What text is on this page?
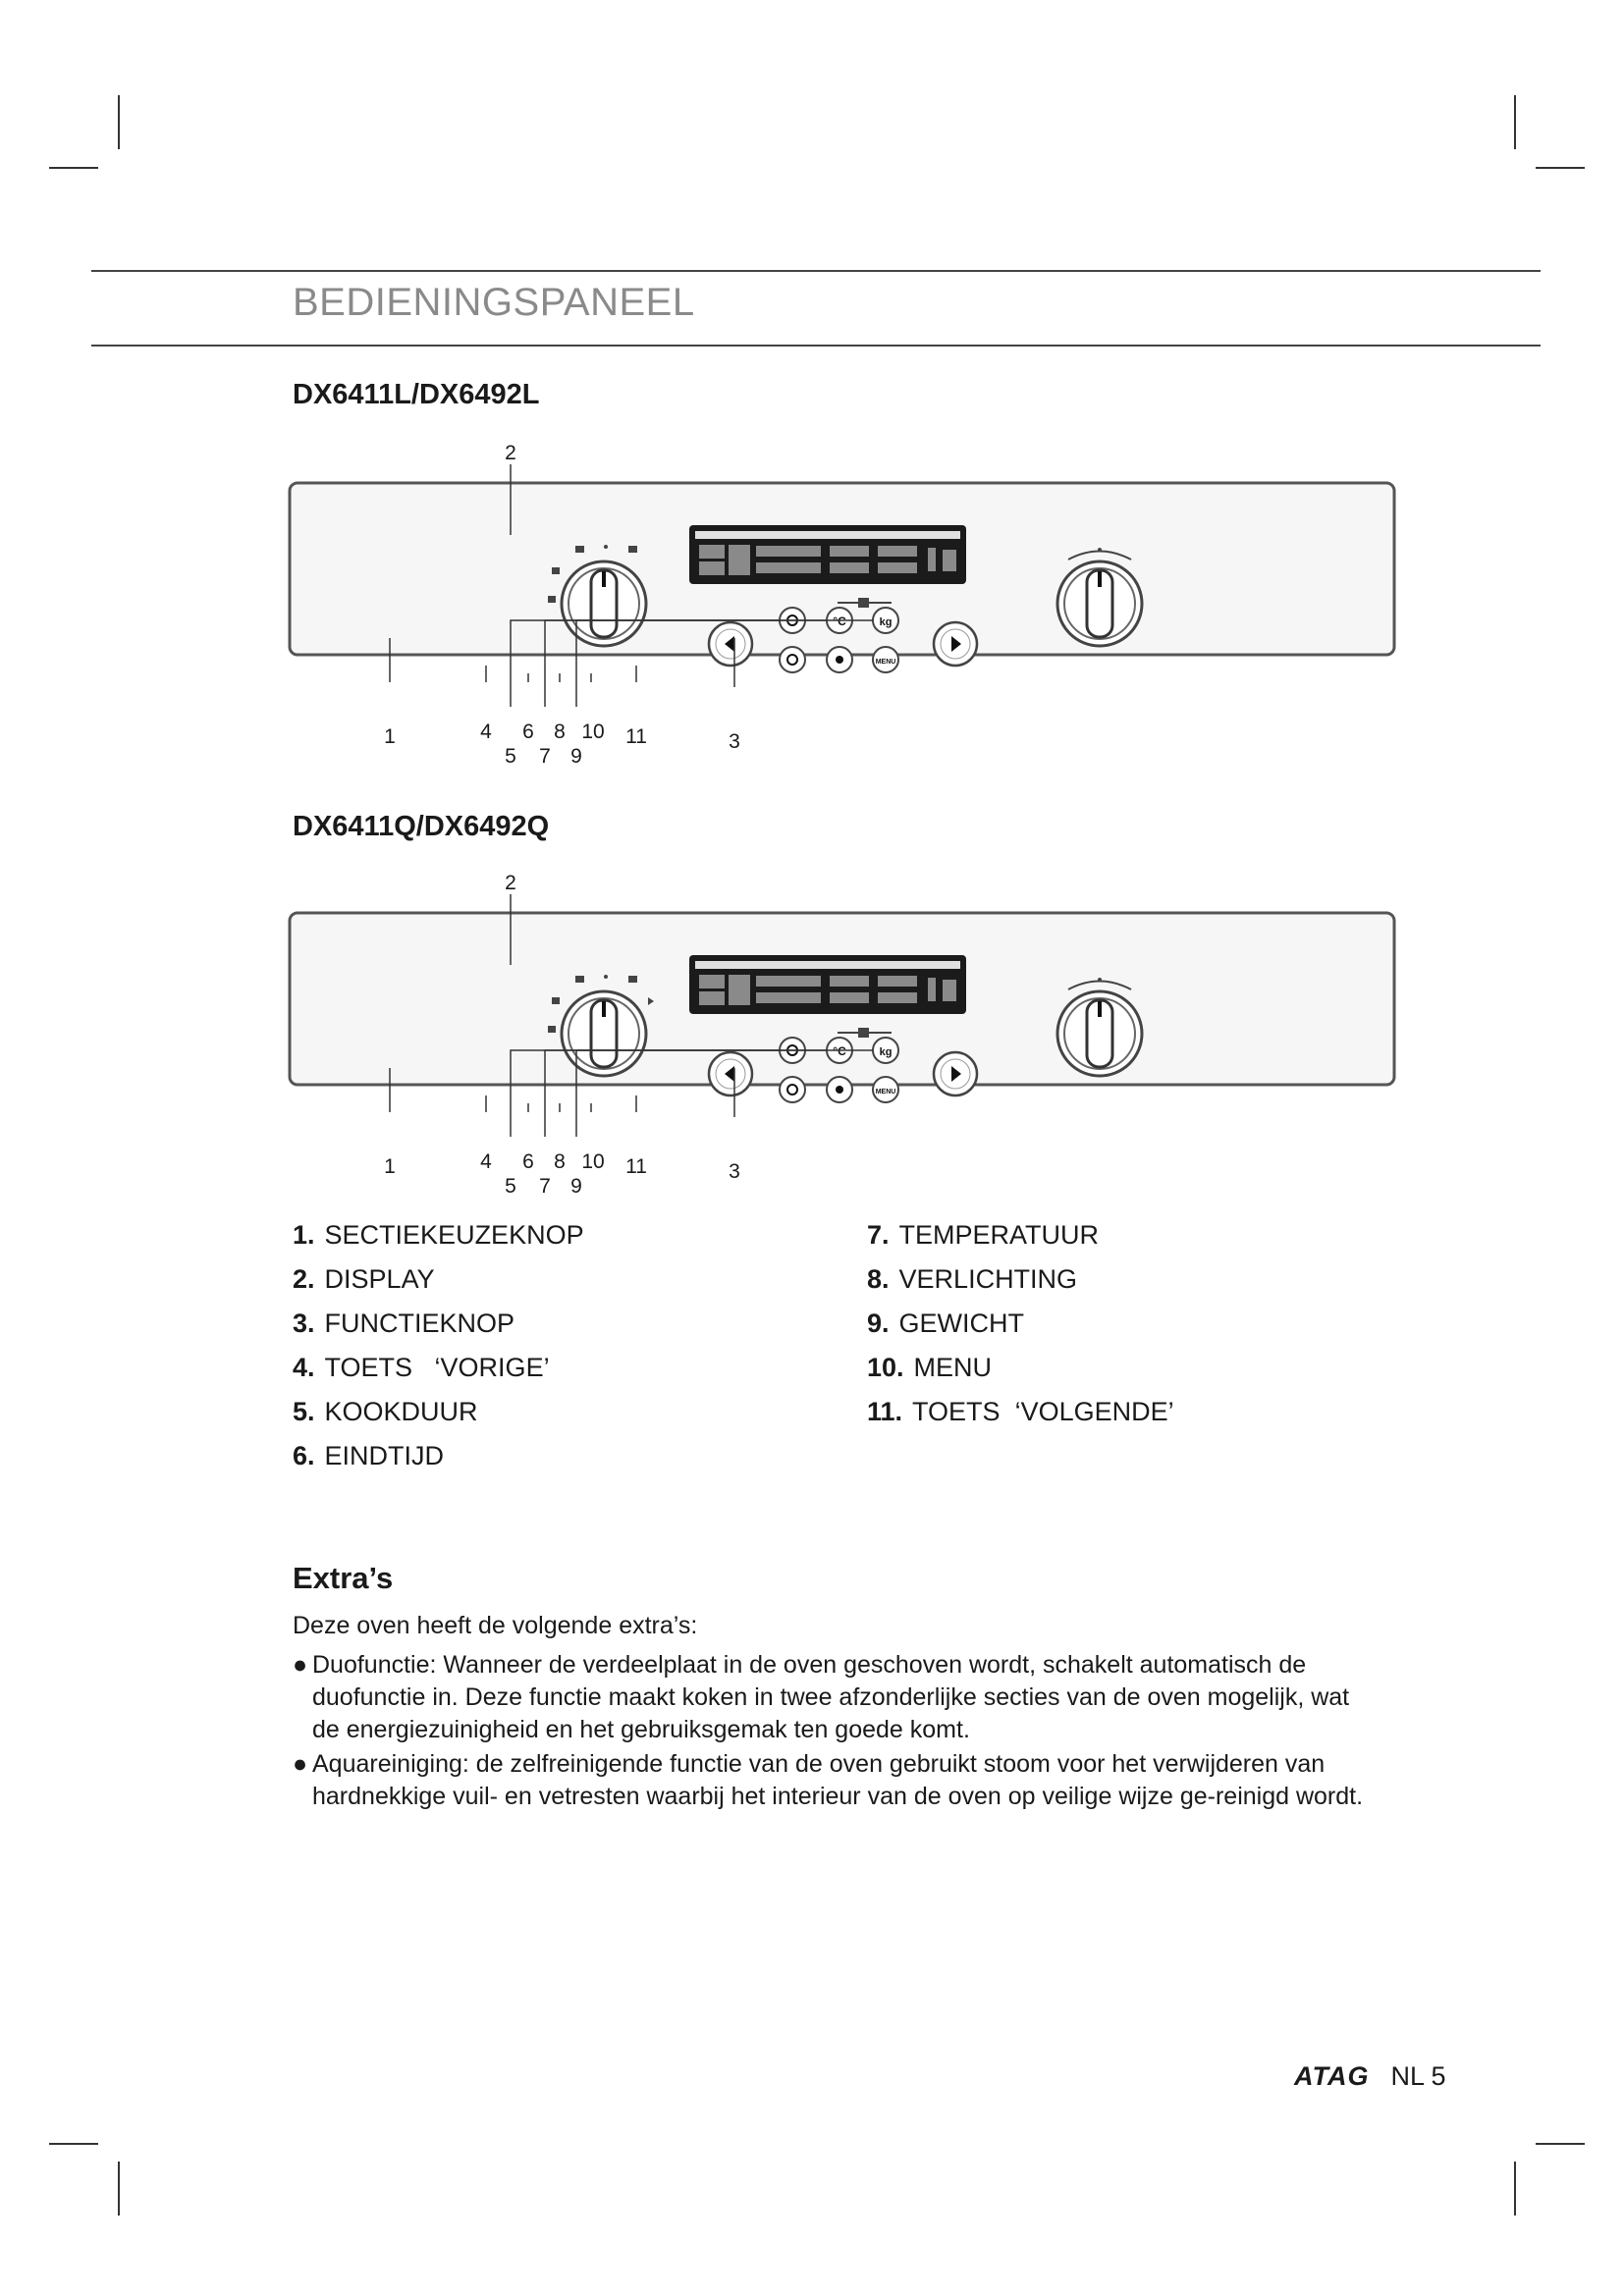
BEDIENINGSPANEEL
DX6411L/DX6492L
°C	kg
MENU
2
1	4
5
6
7
8
9
10 11	3
DX6411Q/DX6492Q
°C	kg
MENU
2
1	4
5
6
7
8
9
10 11	3
1. SECTIEKEUZEKNOP
2. DISPLAY
3. FUNCTIEKNOP
4. TOETS   ‘VORIGE’
5. KOOKDUUR
6. EINDTIJD
7. TEMPERATUUR
8. VERLICHTING
9. GEWICHT
10. MENU
11. TOETS  ‘VOLGENDE’
Extra’s
Deze oven heeft de volgende extra’s:
● Duofunctie: Wanneer de verdeelplaat in de oven geschoven wordt, schakelt automatisch de duofunctie in. Deze functie maakt koken in twee afzonderlijke secties van de oven mogelijk, wat de energiezuinigheid en het gebruiksgemak ten goede komt.
● Aquareiniging: de zelfreinigende functie van de oven gebruikt stoom voor het verwijderen van hardnekkige vuil- en vetresten waarbij het interieur van de oven op veilige wijze ge-reinigd wordt.
ATAG NL 5
